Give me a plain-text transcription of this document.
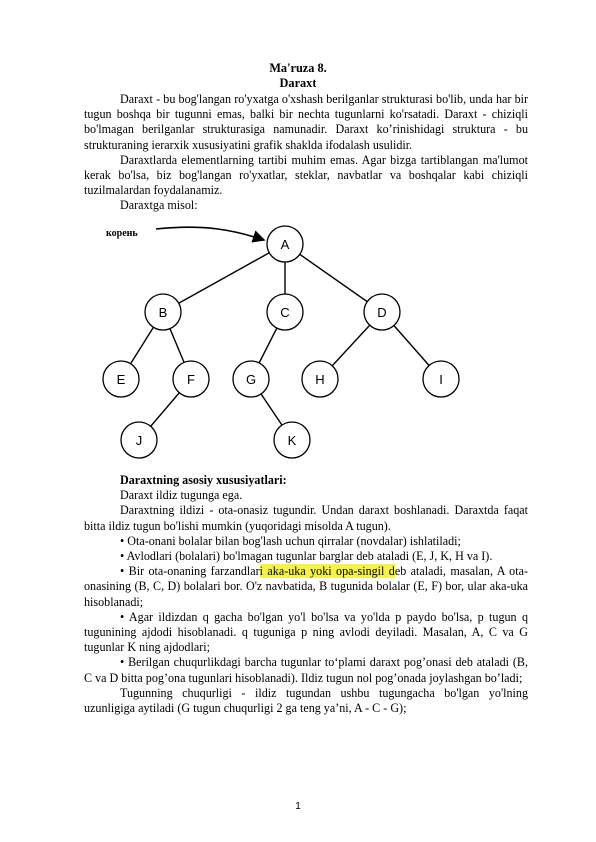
Ma'ruza 8.
Daraxt

Daraxt - bu bog'langan ro'yxatga o'xshash berilganlar strukturasi bo'lib, unda har bir tugun boshqa bir tugunni emas, balki bir nechta tugunlarni ko'rsatadi. Daraxt - chiziqli bo'lmagan berilganlar strukturasiga namunadir. Daraxt ko’rinishidagi struktura - bu strukturaning ierarxik xususiyatini grafik shaklda ifodalash usulidir.

Daraxtlarda elementlarning tartibi muhim emas. Agar bizga tartiblangan ma'lumot kerak bo'lsa, biz bog'langan ro'yxatlar, steklar, navbatlar va boshqalar kabi chiziqli tuzilmalardan foydalanamiz.

Daraxtga misol:

корень
A
B	C	D
E	F	G	H	I
J	K

Daraxtning asosiy xususiyatlari:

Daraxt ildiz tugunga ega.

Daraxtning ildizi - ota-onasiz tugundir. Undan daraxt boshlanadi. Daraxtda faqat bitta ildiz tugun bo'lishi mumkin (yuqoridagi misolda A tugun).

• Ota-onani bolalar bilan bog'lash uchun qirralar (novdalar) ishlatiladi;

• Avlodlari (bolalari) bo'lmagan tugunlar barglar deb ataladi (E, J, K, H va I).

• Bir ota-onaning farzandlari aka-uka yoki opa-singil deb ataladi, masalan, A ota-onasining (B, C, D) bolalari bor. O'z navbatida, B tugunida bolalar (E, F) bor, ular aka-uka hisoblanadi;

• Agar ildizdan q gacha bo'lgan yo'l bo'lsa va yo'lda p paydo bo'lsa, p tugun q tugunining ajdodi hisoblanadi. q tuguniga p ning avlodi deyiladi. Masalan, A, C va G tugunlar K ning ajdodlari;

• Berilgan chuqurlikdagi barcha tugunlar to‘plami daraxt pog’onasi deb ataladi (B, C va D bitta pog’ona tugunlari hisoblanadi). Ildiz tugun nol pog’onada joylashgan bo’ladi;

Tugunning chuqurligi - ildiz tugundan ushbu tugungacha bo'lgan yo'lning uzunligiga aytiladi (G tugun chuqurligi 2 ga teng ya’ni, A - C - G);

1
